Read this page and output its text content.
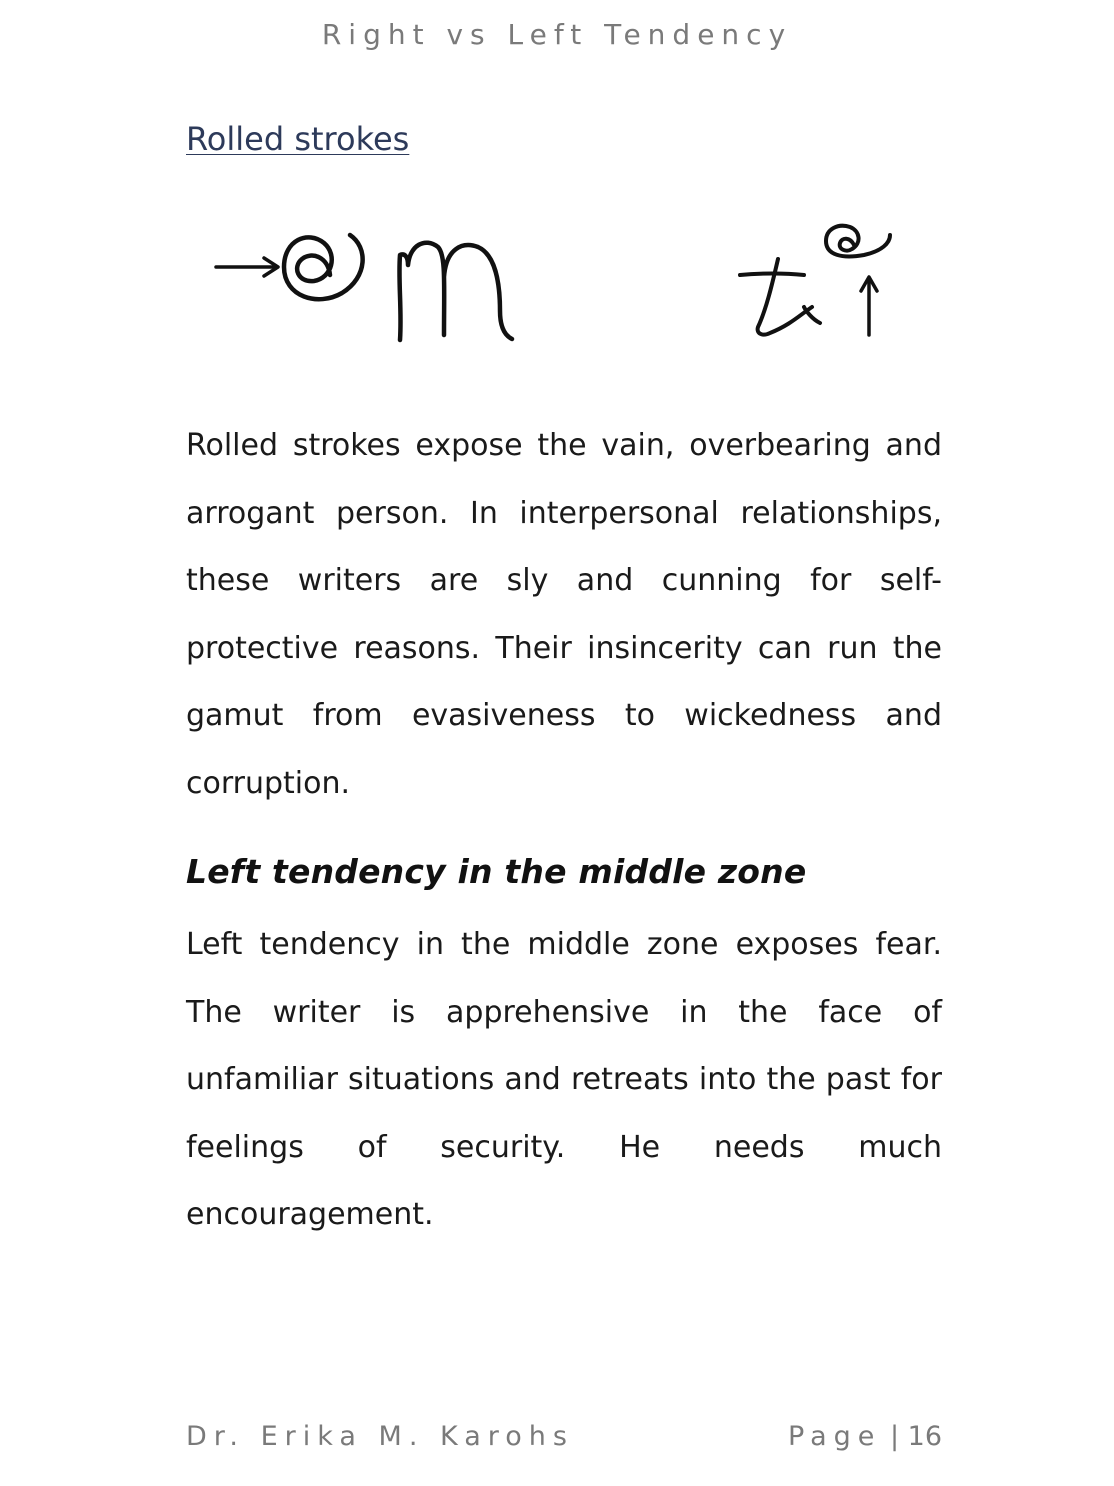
Right vs Left Tendency
Rolled strokes

Rolled strokes expose the vain, overbearing and arrogant person. In interpersonal relationships, these writers are sly and cunning for self-protective reasons. Their insincerity can run the gamut from evasiveness to wickedness and corruption.

Left tendency in the middle zone

Left tendency in the middle zone exposes fear. The writer is apprehensive in the face of unfamiliar situations and retreats into the past for feelings of security. He needs much encouragement.

Dr. Erika M. Karohs	Page | 16
